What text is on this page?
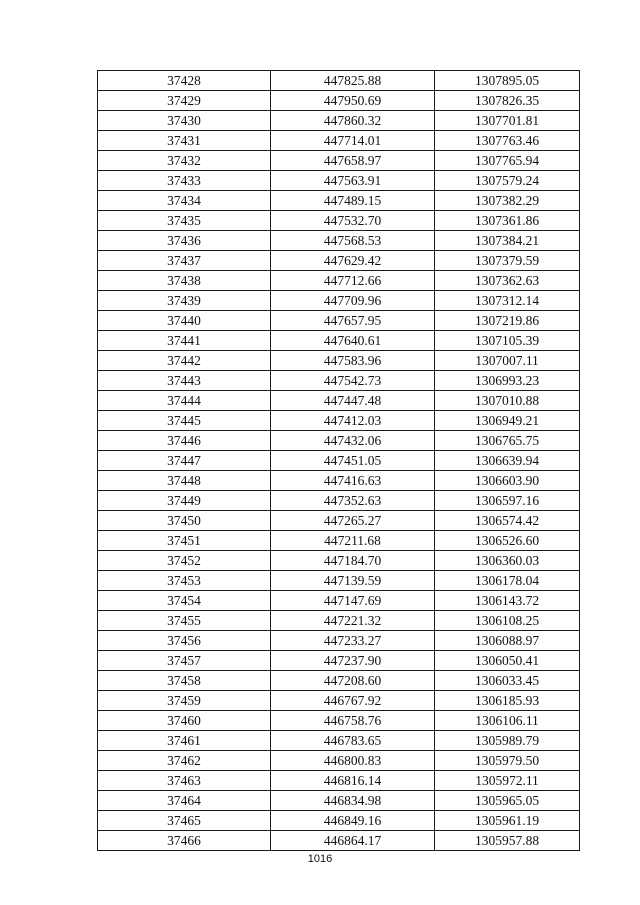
37428	447825.88	1307895.05
37429	447950.69	1307826.35
37430	447860.32	1307701.81
37431	447714.01	1307763.46
37432	447658.97	1307765.94
37433	447563.91	1307579.24
37434	447489.15	1307382.29
37435	447532.70	1307361.86
37436	447568.53	1307384.21
37437	447629.42	1307379.59
37438	447712.66	1307362.63
37439	447709.96	1307312.14
37440	447657.95	1307219.86
37441	447640.61	1307105.39
37442	447583.96	1307007.11
37443	447542.73	1306993.23
37444	447447.48	1307010.88
37445	447412.03	1306949.21
37446	447432.06	1306765.75
37447	447451.05	1306639.94
37448	447416.63	1306603.90
37449	447352.63	1306597.16
37450	447265.27	1306574.42
37451	447211.68	1306526.60
37452	447184.70	1306360.03
37453	447139.59	1306178.04
37454	447147.69	1306143.72
37455	447221.32	1306108.25
37456	447233.27	1306088.97
37457	447237.90	1306050.41
37458	447208.60	1306033.45
37459	446767.92	1306185.93
37460	446758.76	1306106.11
37461	446783.65	1305989.79
37462	446800.83	1305979.50
37463	446816.14	1305972.11
37464	446834.98	1305965.05
37465	446849.16	1305961.19
37466	446864.17	1305957.88
1016
